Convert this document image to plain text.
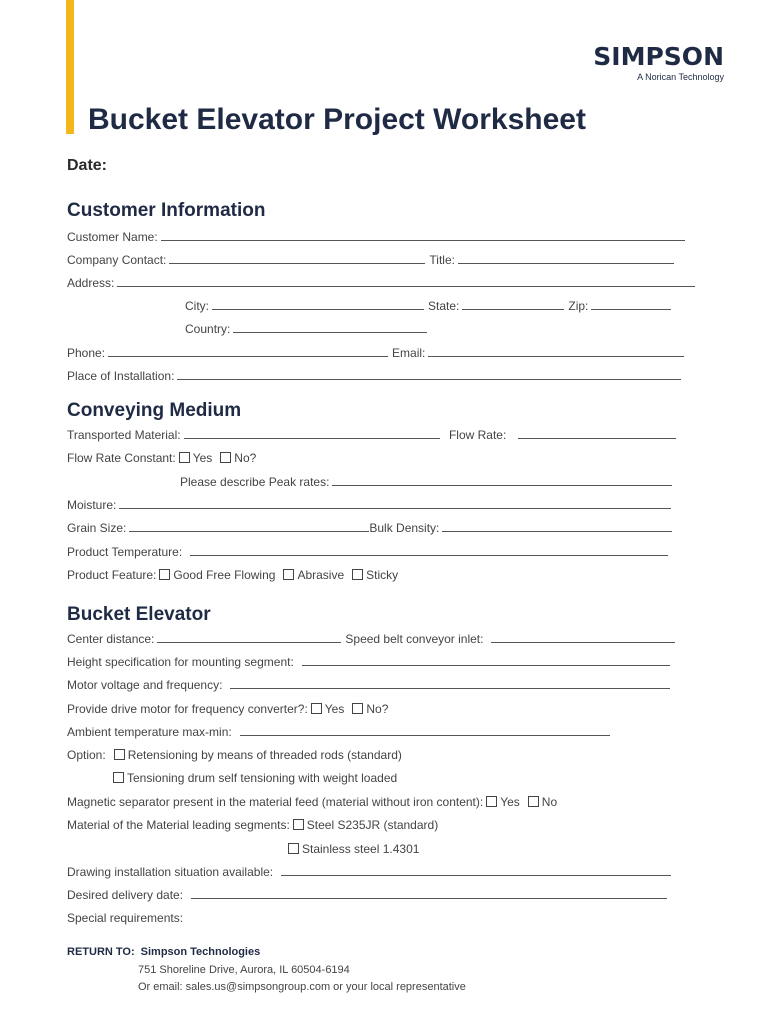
SIMPSON
A Norican Technology
Bucket Elevator Project Worksheet
Date:
Customer Information
Customer Name:
Company Contact:	Title:
Address:
City:	State:	Zip:
Country:
Phone:	Email:
Place of Installation:
Conveying Medium
Transported Material:	Flow Rate:
Flow Rate Constant: Yes No?
Please describe Peak rates:
Moisture:
Grain Size:	Bulk Density:
Product Temperature:
Product Feature: Good Free Flowing Abrasive Sticky
Bucket Elevator
Center distance:	Speed belt conveyor inlet:
Height specification for mounting segment:
Motor voltage and frequency:
Provide drive motor for frequency converter?: Yes No?
Ambient temperature max-min:
Option: Retensioning by means of threaded rods (standard)
Tensioning drum self tensioning with weight loaded
Magnetic separator present in the material feed (material without iron content): Yes No
Material of the Material leading segments: Steel S235JR (standard)
Stainless steel 1.4301
Drawing installation situation available:
Desired delivery date:
Special requirements:
RETURN TO: Simpson Technologies
751 Shoreline Drive, Aurora, IL 60504-6194
Or email: sales.us@simpsongroup.com or your local representative
